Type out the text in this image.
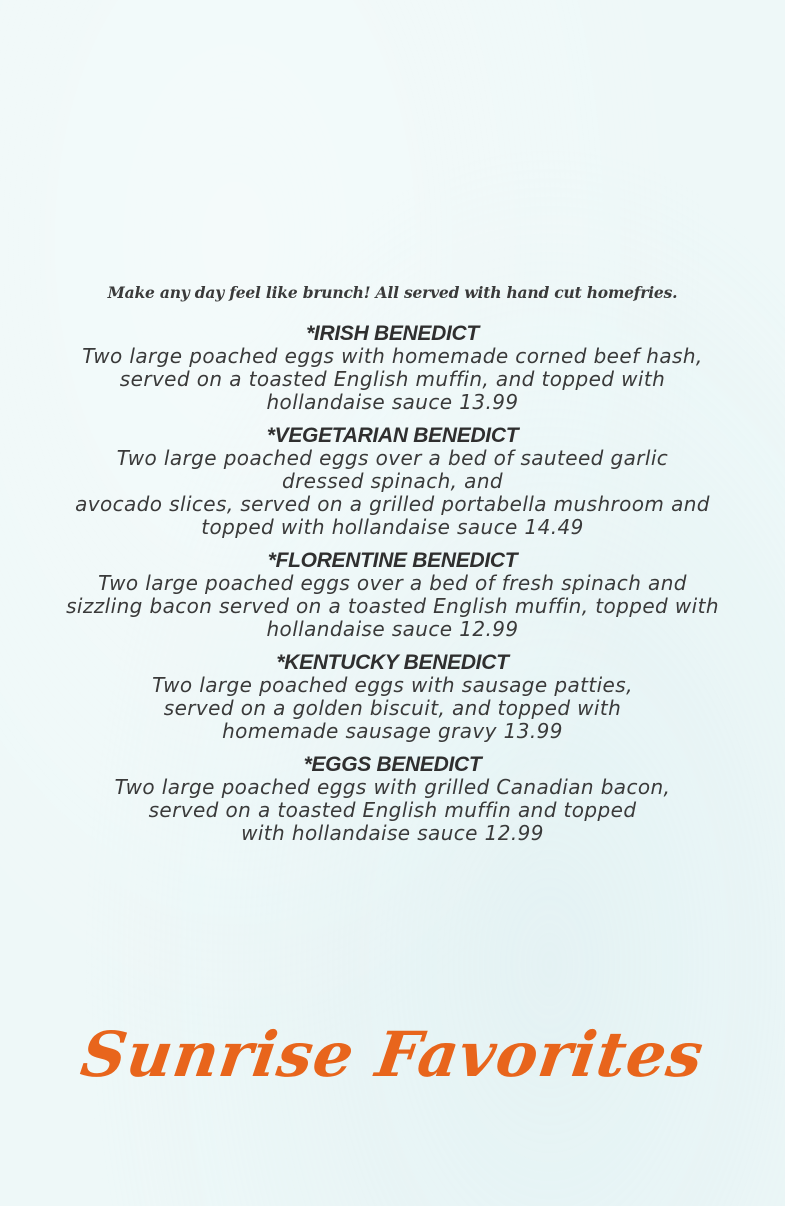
Make any day feel like brunch! All served with hand cut homefries.
*IRISH BENEDICT
Two large poached eggs with homemade corned beef hash,
served on a toasted English muffin, and topped with
hollandaise sauce 13.99
*VEGETARIAN BENEDICT
Two large poached eggs over a bed of sauteed garlic
dressed spinach, and
avocado slices, served on a grilled portabella mushroom and
topped with hollandaise sauce 14.49
*FLORENTINE BENEDICT
Two large poached eggs over a bed of fresh spinach and
sizzling bacon served on a toasted English muffin, topped with
hollandaise sauce 12.99
*KENTUCKY BENEDICT
Two large poached eggs with sausage patties,
served on a golden biscuit, and topped with
homemade sausage gravy 13.99
*EGGS BENEDICT
Two large poached eggs with grilled Canadian bacon,
served on a toasted English muffin and topped
with hollandaise sauce 12.99
Sunrise Favorites
